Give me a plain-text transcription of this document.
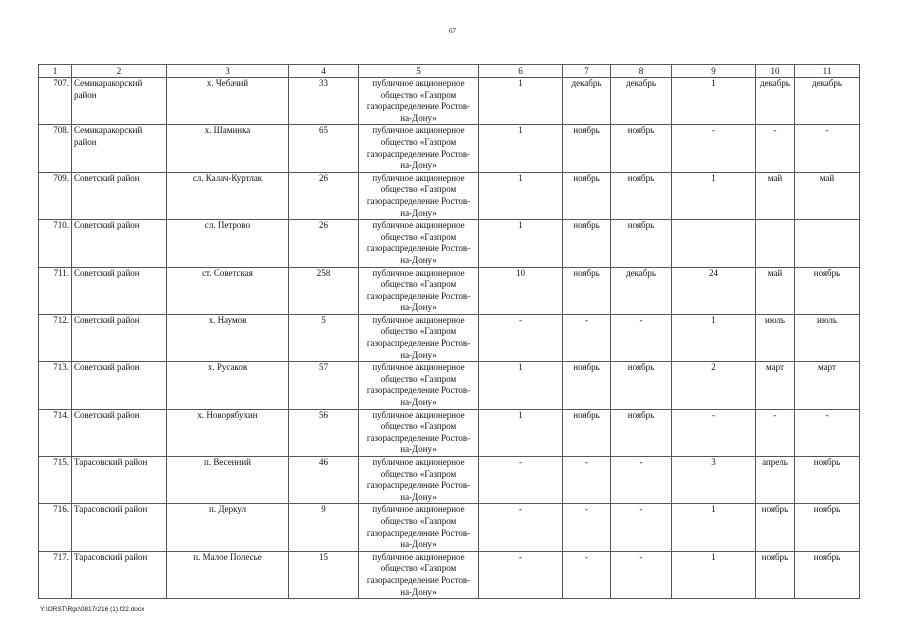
67
1	2	3	4	5	6	7	8	9	10	11
707.	Семикаракорский район	х. Чебачий	33	публичное акционерное общество «Газпром газораспределение Ростов-на-Дону»	1	декабрь	декабрь	1	декабрь	декабрь
708.	Семикаракорский район	х. Шаминка	65	публичное акционерное общество «Газпром газораспределение Ростов-на-Дону»	1	ноябрь	ноябрь	-	-	-
709.	Советский район	сл. Калач-Куртлак	26	публичное акционерное общество «Газпром газораспределение Ростов-на-Дону»	1	ноябрь	ноябрь	1	май	май
710.	Советский район	сл. Петрово	26	публичное акционерное общество «Газпром газораспределение Ростов-на-Дону»	1	ноябрь	ноябрь			
711.	Советский район	ст. Советская	258	публичное акционерное общество «Газпром газораспределение Ростов-на-Дону»	10	ноябрь	декабрь	24	май	ноябрь
712.	Советский район	х. Наумов	5	публичное акционерное общество «Газпром газораспределение Ростов-на-Дону»	-	-	-	1	июль	июль
713.	Советский район	х. Русаков	57	публичное акционерное общество «Газпром газораспределение Ростов-на-Дону»	1	ноябрь	ноябрь	2	март	март
714.	Советский район	х. Новорябухин	56	публичное акционерное общество «Газпром газораспределение Ростов-на-Дону»	1	ноябрь	ноябрь	-	-	-
715.	Тарасовский район	п. Весенний	46	публичное акционерное общество «Газпром газораспределение Ростов-на-Дону»	-	-	-	3	апрель	ноябрь
716.	Тарасовский район	п. Деркул	9	публичное акционерное общество «Газпром газораспределение Ростов-на-Дону»	-	-	-	1	ноябрь	ноябрь
717.	Тарасовский район	п. Малое Полесье	15	публичное акционерное общество «Газпром газораспределение Ростов-на-Дону»	-	-	-	1	ноябрь	ноябрь
Y:\ORST\Rgc\0817r216 (1).f22.docx
